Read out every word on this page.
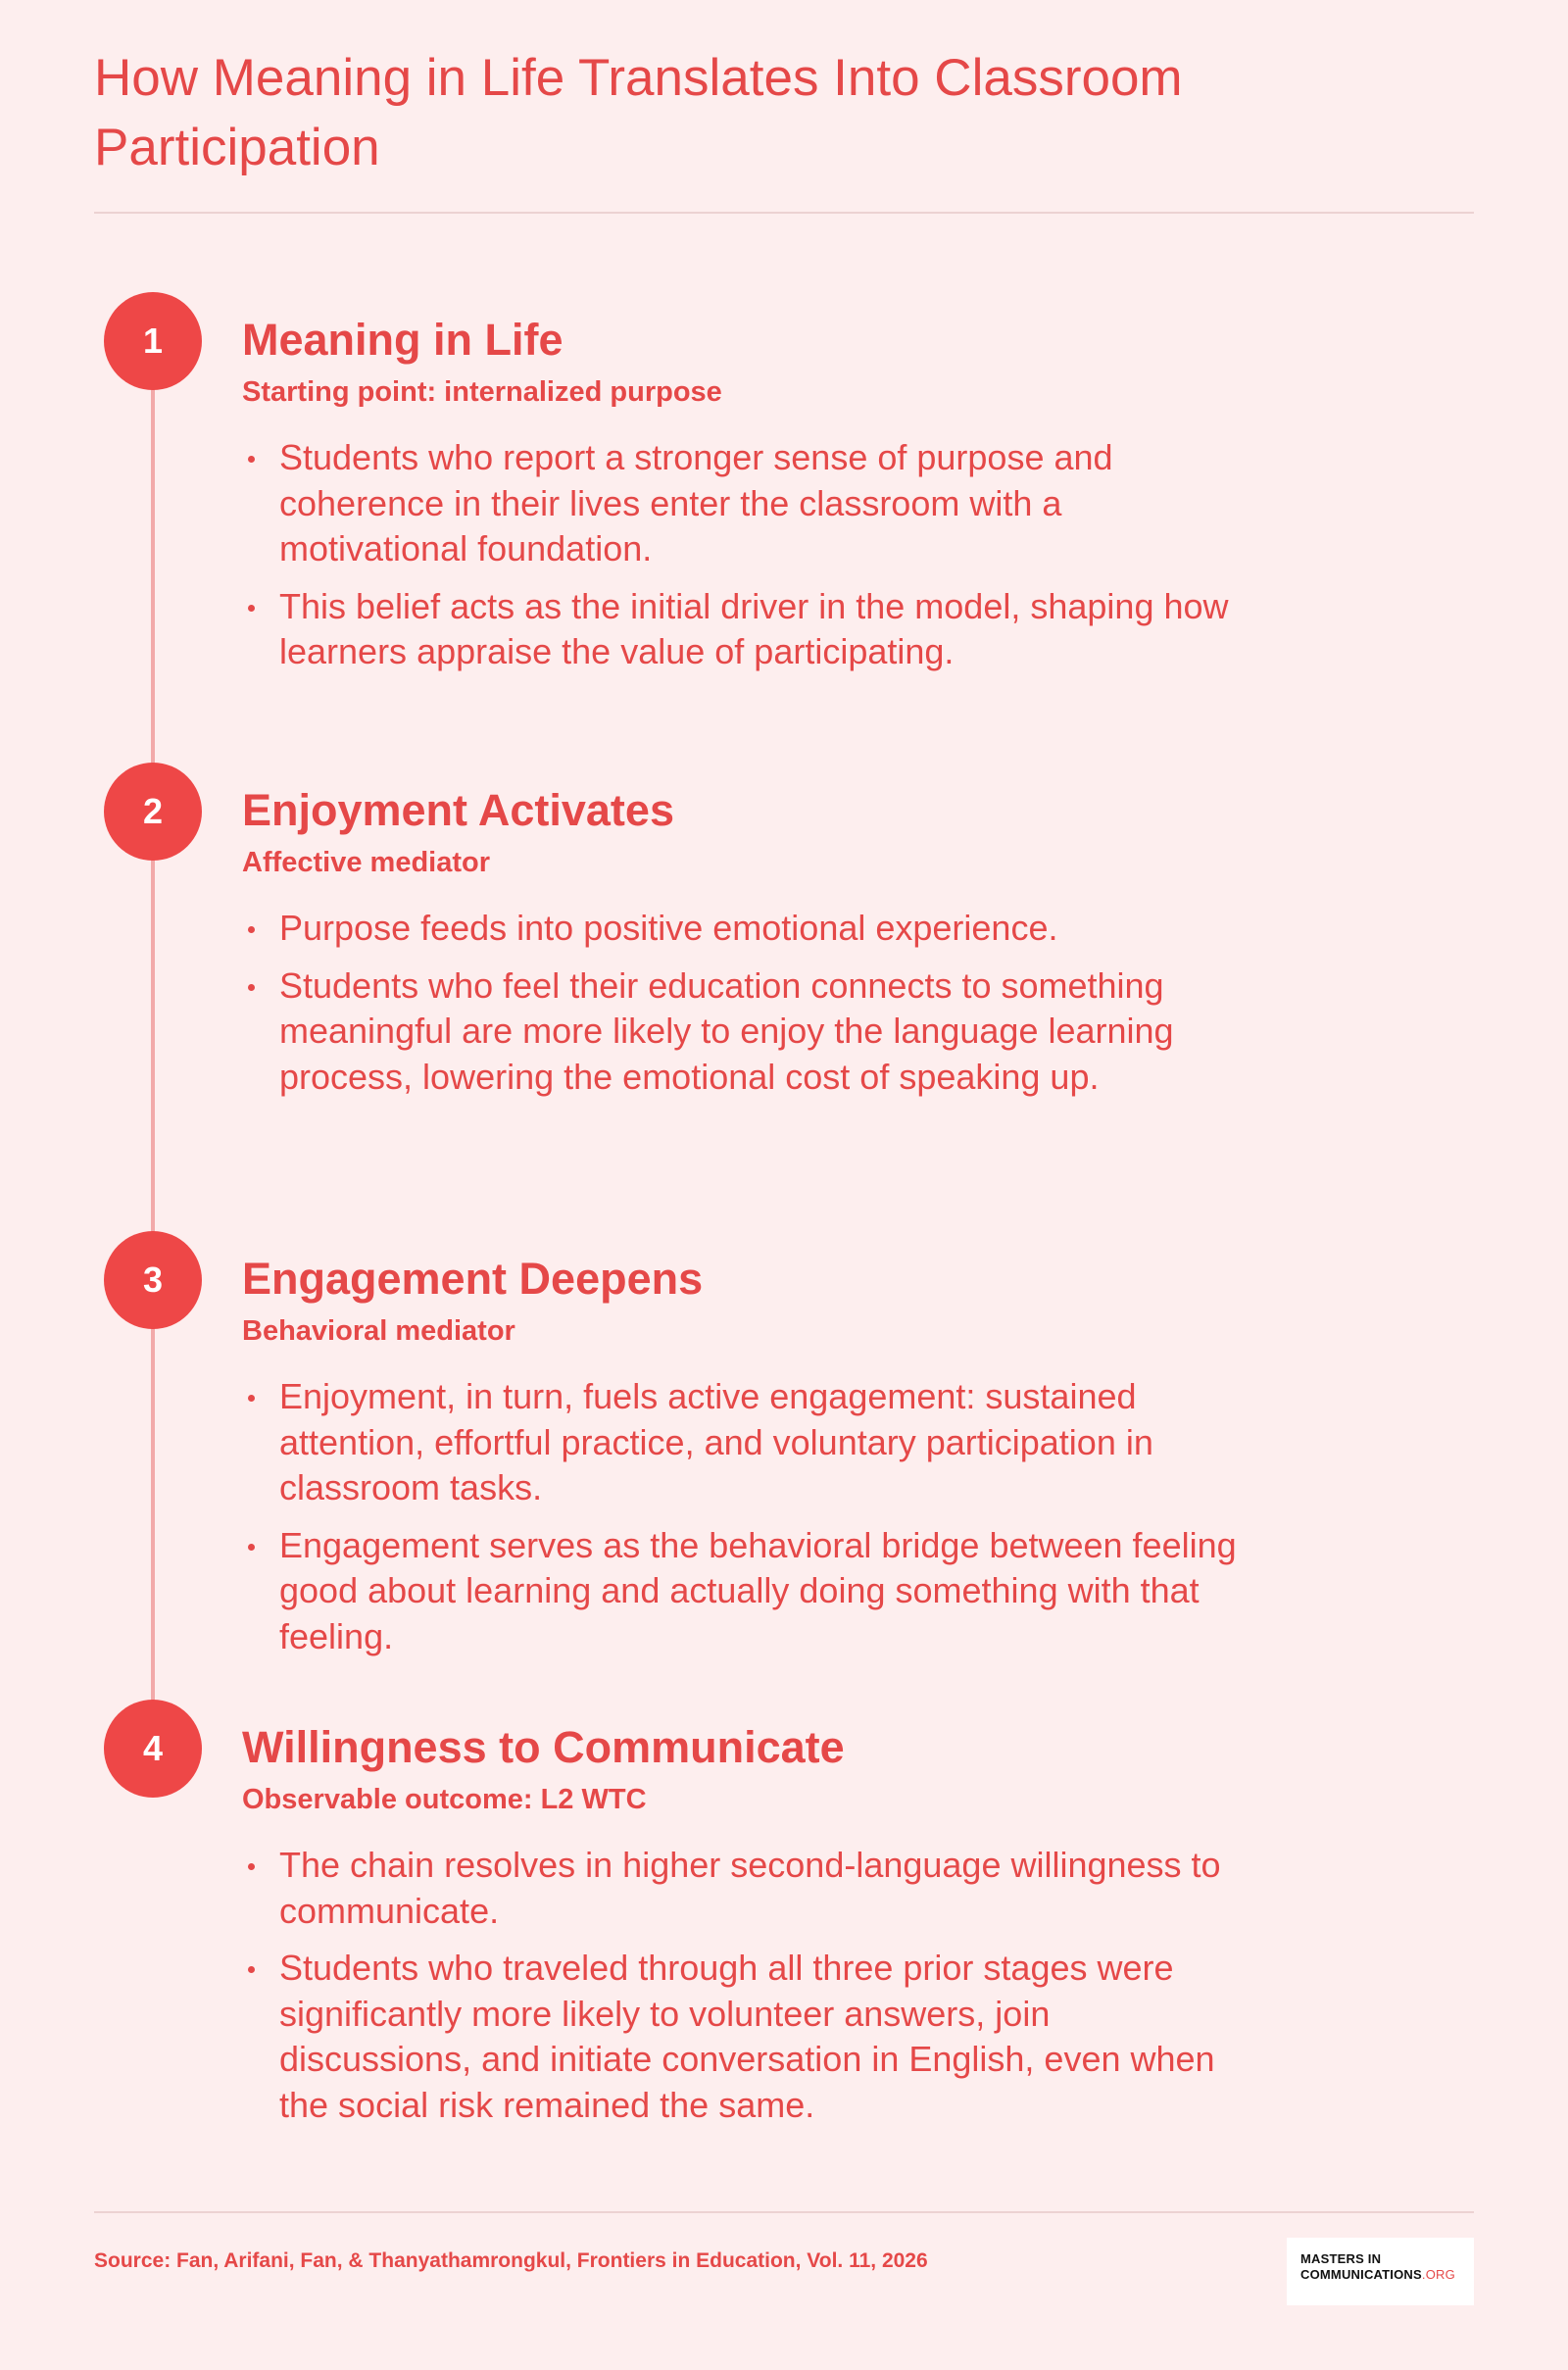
How Meaning in Life Translates Into Classroom Participation
1	Meaning in Life
Starting point: internalized purpose
Students who report a stronger sense of purpose and coherence in their lives enter the classroom with a motivational foundation.
This belief acts as the initial driver in the model, shaping how learners appraise the value of participating.
2	Enjoyment Activates
Affective mediator
Purpose feeds into positive emotional experience.
Students who feel their education connects to something meaningful are more likely to enjoy the language learning process, lowering the emotional cost of speaking up.
3	Engagement Deepens
Behavioral mediator
Enjoyment, in turn, fuels active engagement: sustained attention, effortful practice, and voluntary participation in classroom tasks.
Engagement serves as the behavioral bridge between feeling good about learning and actually doing something with that feeling.
4	Willingness to Communicate
Observable outcome: L2 WTC
The chain resolves in higher second-language willingness to communicate.
Students who traveled through all three prior stages were significantly more likely to volunteer answers, join discussions, and initiate conversation in English, even when the social risk remained the same.
Source: Fan, Arifani, Fan, & Thanyathamrongkul, Frontiers in Education, Vol. 11, 2026	MASTERS IN
COMMUNICATIONS.ORG
